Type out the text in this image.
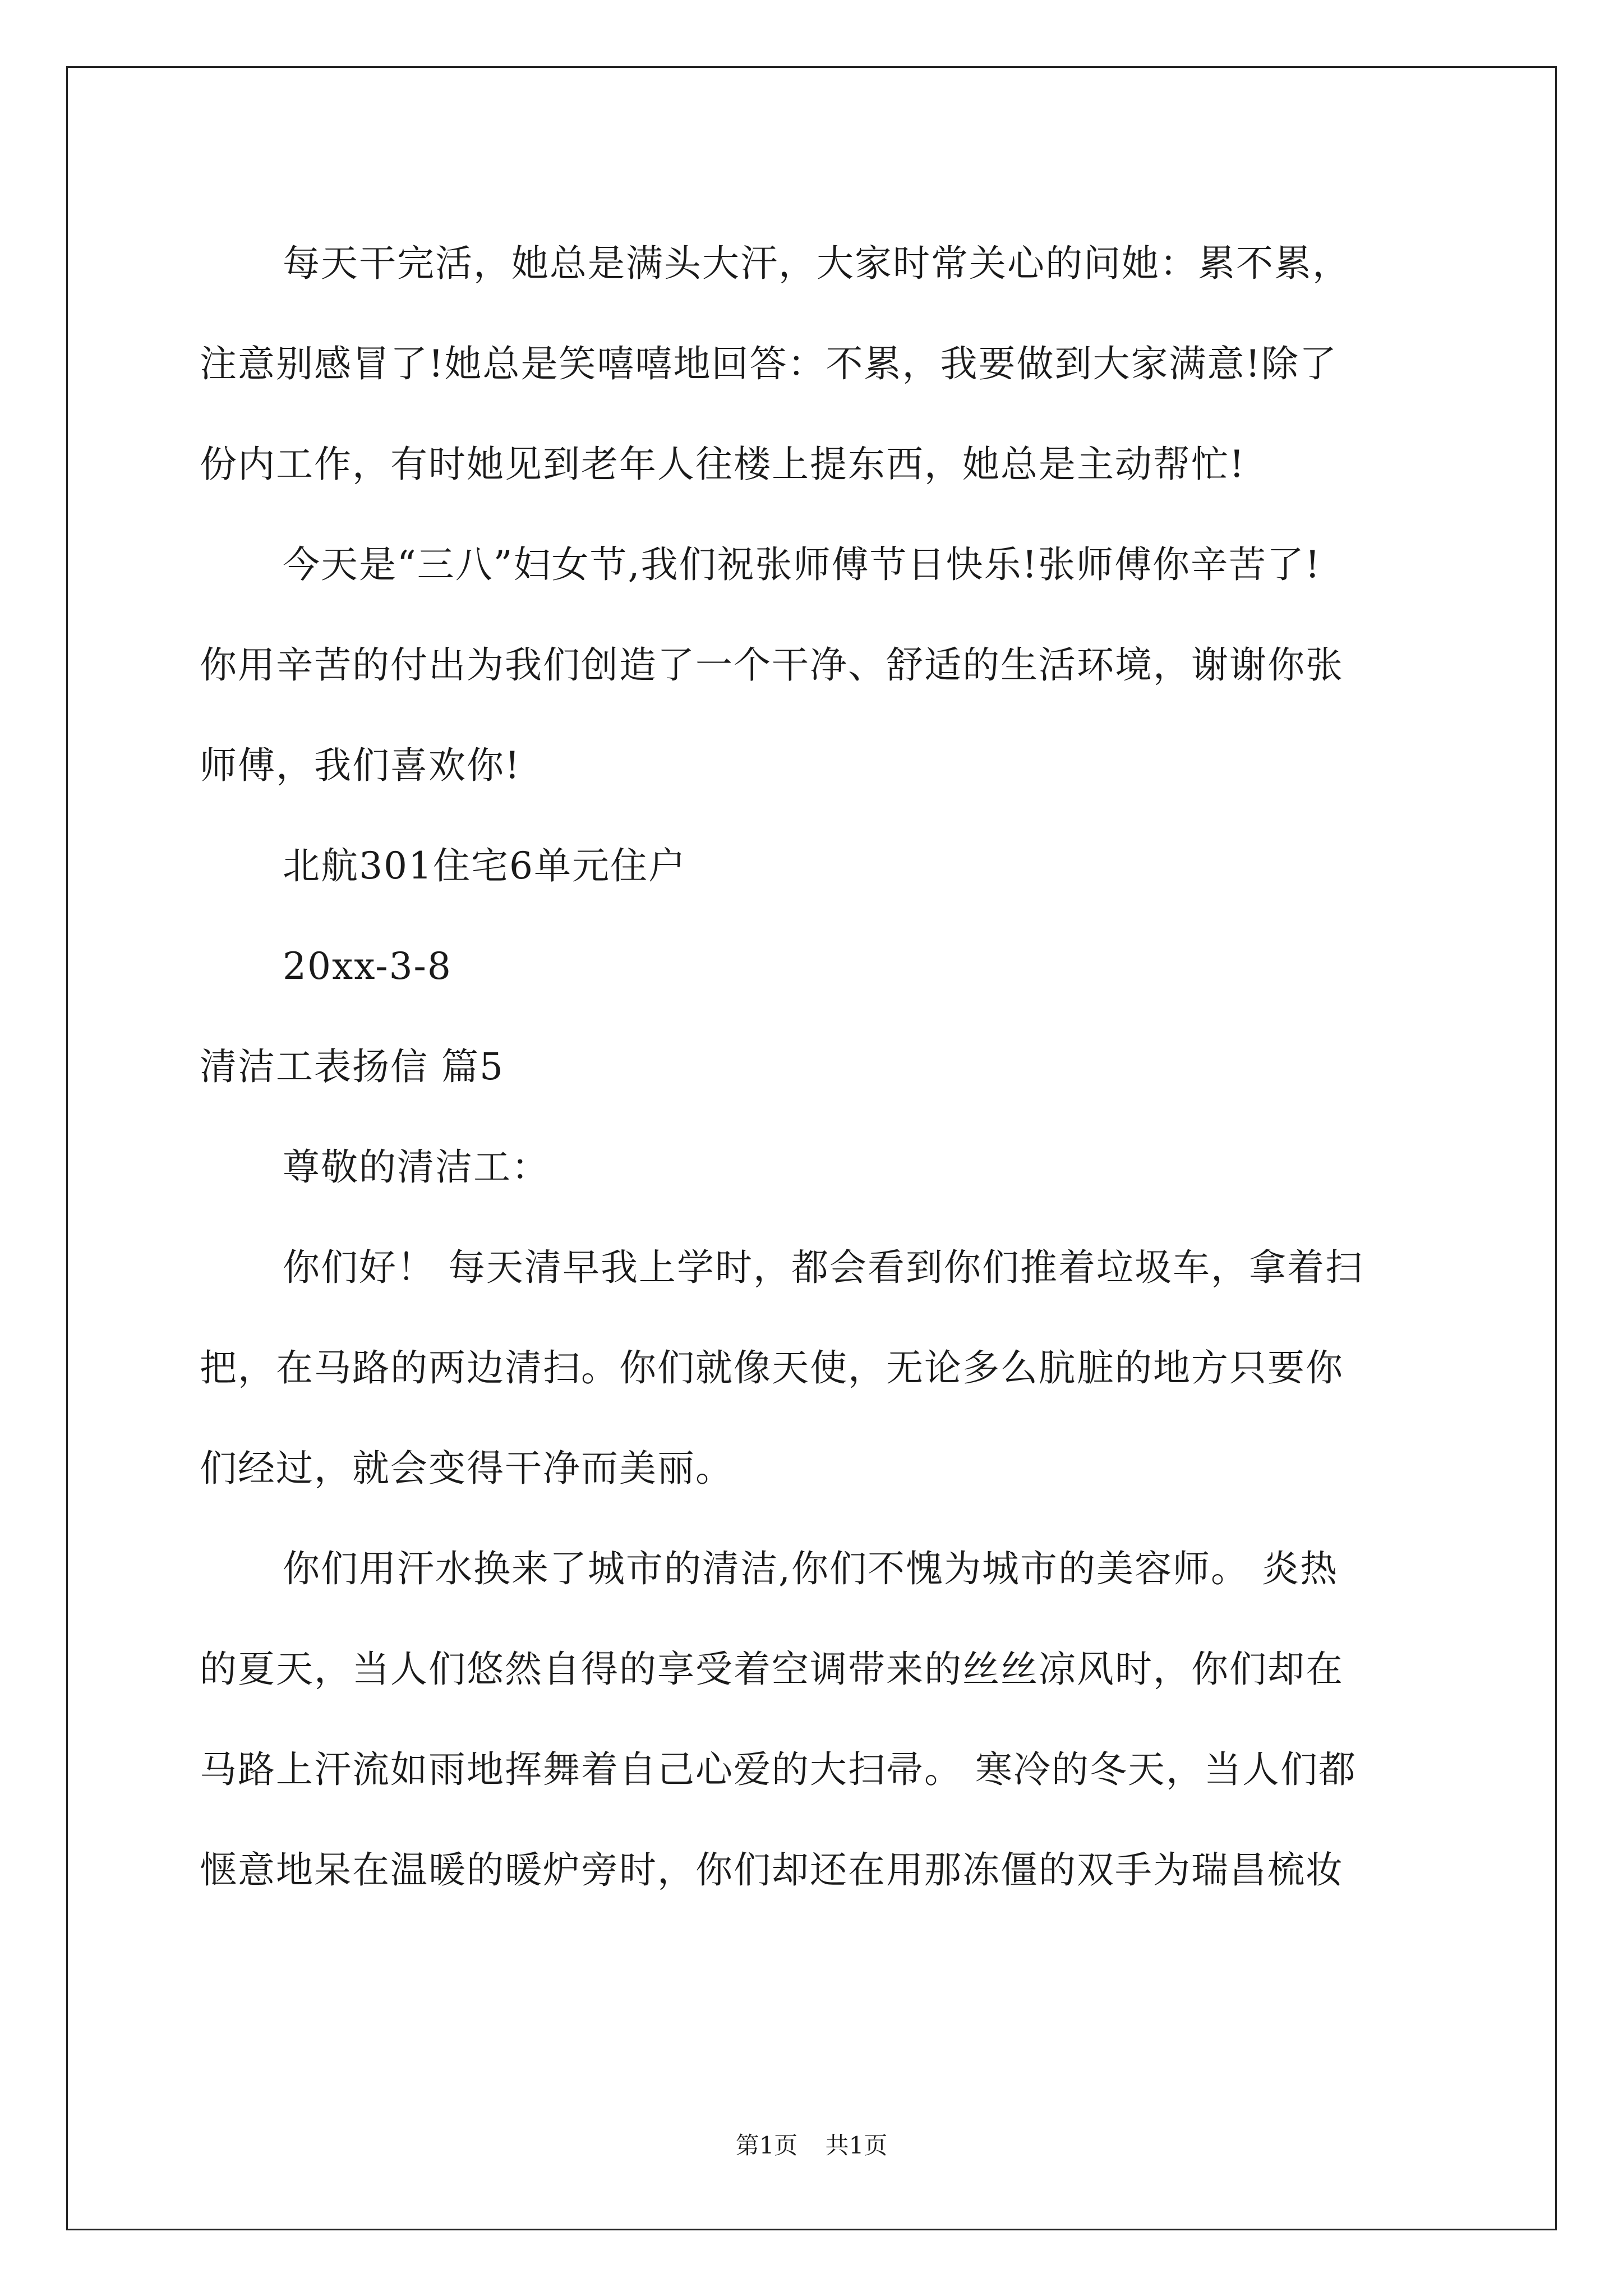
每天干完活，她总是满头大汗，大家时常关心的问她：累不累，
注意别感冒了!她总是笑嘻嘻地回答：不累，我要做到大家满意!除了
份内工作，有时她见到老年人往楼上提东西，她总是主动帮忙!
今天是“三八”妇女节,我们祝张师傅节日快乐!张师傅你辛苦了!
你用辛苦的付出为我们创造了一个干净、舒适的生活环境，谢谢你张
师傅，我们喜欢你!
北航301住宅6单元住户
20xx-3-8
清洁工表扬信 篇5
尊敬的清洁工：
你们好！ 每天清早我上学时，都会看到你们推着垃圾车，拿着扫
把，在马路的两边清扫。你们就像天使，无论多么肮脏的地方只要你
们经过，就会变得干净而美丽。
你们用汗水换来了城市的清洁,你们不愧为城市的美容师。 炎热
的夏天，当人们悠然自得的享受着空调带来的丝丝凉风时，你们却在
马路上汗流如雨地挥舞着自己心爱的大扫帚。 寒冷的冬天，当人们都
惬意地呆在温暖的暖炉旁时，你们却还在用那冻僵的双手为瑞昌梳妆
第1页 共1页
